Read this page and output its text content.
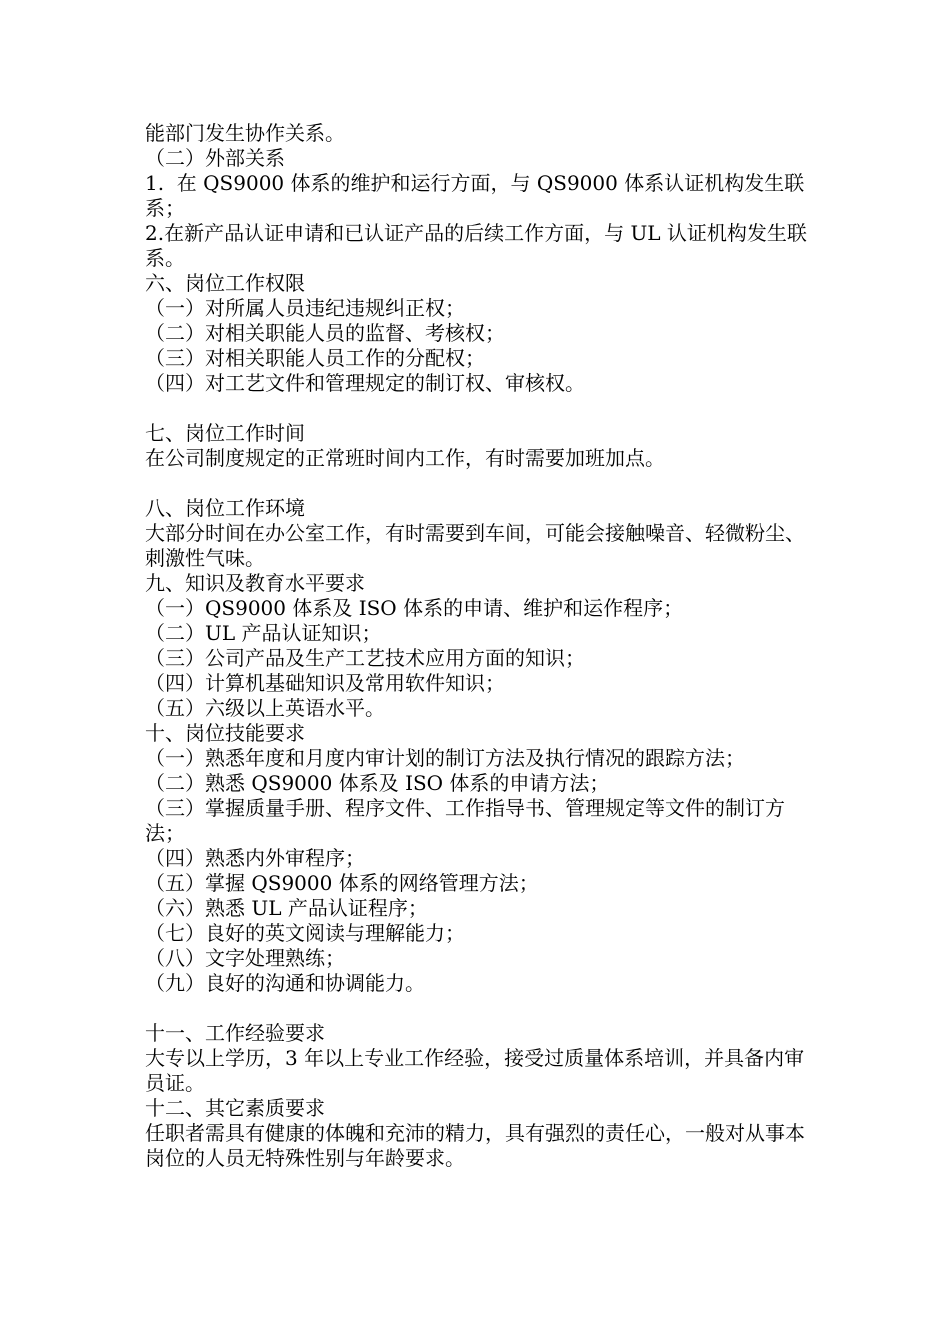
能部门发生协作关系。
（二）外部关系
1.  在 QS9000 体系的维护和运行方面，与 QS9000 体系认证机构发生联系；
2.在新产品认证申请和已认证产品的后续工作方面，与 UL 认证机构发生联系。
六、岗位工作权限
（一）对所属人员违纪违规纠正权；
（二）对相关职能人员的监督、考核权；
（三）对相关职能人员工作的分配权；
（四）对工艺文件和管理规定的制订权、审核权。
七、岗位工作时间
在公司制度规定的正常班时间内工作，有时需要加班加点。
八、岗位工作环境
大部分时间在办公室工作，有时需要到车间，可能会接触噪音、轻微粉尘、刺激性气味。
九、知识及教育水平要求
（一）QS9000 体系及 ISO 体系的申请、维护和运作程序；
（二）UL 产品认证知识；
（三）公司产品及生产工艺技术应用方面的知识；
（四）计算机基础知识及常用软件知识；
（五）六级以上英语水平。
十、岗位技能要求
（一）熟悉年度和月度内审计划的制订方法及执行情况的跟踪方法；
（二）熟悉 QS9000 体系及 ISO 体系的申请方法；
（三）掌握质量手册、程序文件、工作指导书、管理规定等文件的制订方法；
（四）熟悉内外审程序；
（五）掌握 QS9000 体系的网络管理方法；
（六）熟悉 UL 产品认证程序；
（七）良好的英文阅读与理解能力；
（八）文字处理熟练；
（九）良好的沟通和协调能力。
十一、工作经验要求
大专以上学历，3 年以上专业工作经验，接受过质量体系培训，并具备内审员证。
十二、其它素质要求
任职者需具有健康的体魄和充沛的精力，具有强烈的责任心，一般对从事本岗位的人员无特殊性别与年龄要求。
